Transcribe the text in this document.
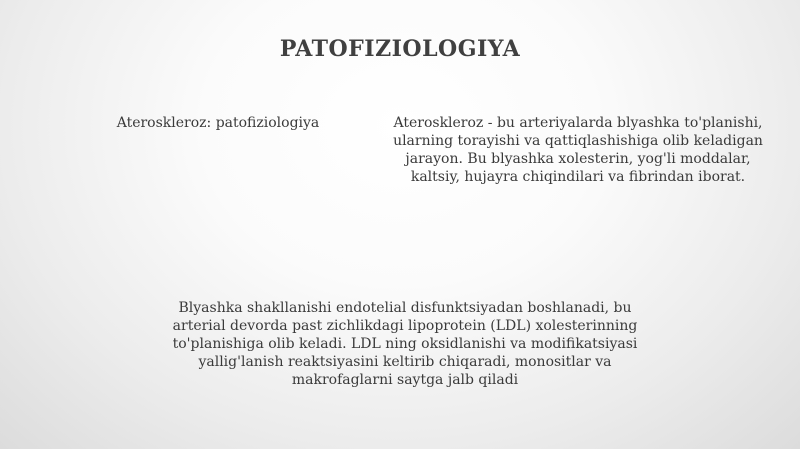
PATOFIZIOLOGIYA

Ateroskleroz: patofiziologiya	Ateroskleroz - bu arteriyalarda blyashka to'planishi, ularning torayishi va qattiqlashishiga olib keladigan jarayon. Bu blyashka xolesterin, yog'li moddalar, kaltsiy, hujayra chiqindilari va fibrindan iborat.

Blyashka shakllanishi endotelial disfunktsiyadan boshlanadi, bu arterial devorda past zichlikdagi lipoprotein (LDL) xolesterinning to'planishiga olib keladi. LDL ning oksidlanishi va modifikatsiyasi yallig'lanish reaktsiyasini keltirib chiqaradi, monositlar va makrofaglarni saytga jalb qiladi
